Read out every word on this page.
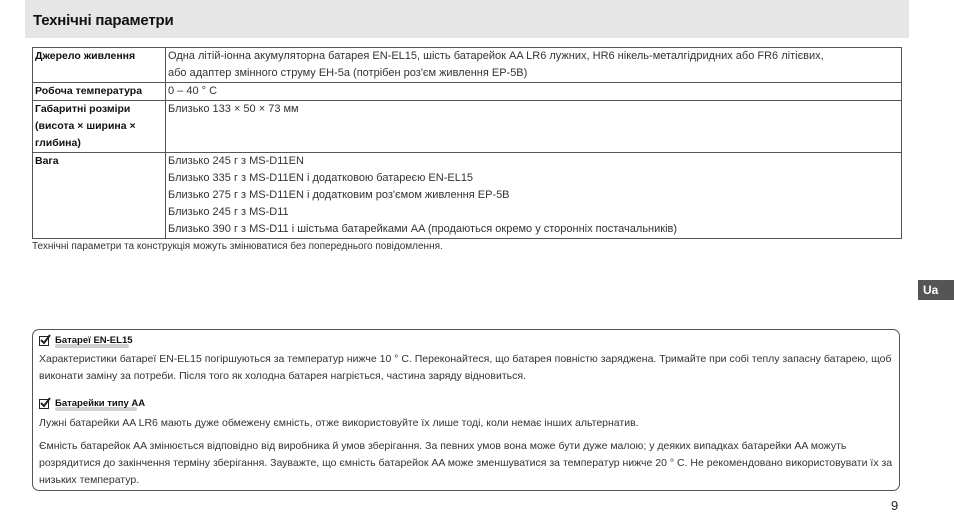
Технічні параметри
Джерело живлення	Одна літій-іонна акумуляторна батарея EN-EL15, шість батарейок AA LR6 лужних, HR6 нікель-металгідридних або FR6 літієвих,
або адаптер змінного струму EH-5a (потрібен роз'єм живлення EP-5B)

Робоча температура	0 – 40 ° C

Габаритні розміри
(висота × ширина ×
глибина)	Близько 133 × 50 × 73 мм

Вага	Близько 245 г з MS-D11EN
Близько 335 г з MS-D11EN і додатковою батареєю EN-EL15
Близько 275 г з MS-D11EN і додатковим роз'ємом живлення EP-5B
Близько 245 г з MS-D11
Близько 390 г з MS-D11 і шістьма батарейками AA (продаються окремо у сторонніх постачальників)
Технічні параметри та конструкція можуть змінюватися без попереднього повідомлення.
Ua
Батареї EN-EL15
Характеристики батареї EN-EL15 погіршуються за температур нижче 10 ° C. Переконайтеся, що батарея повністю заряджена. Тримайте при собі теплу запасну батарею, щоб виконати заміну за потреби. Після того як холодна батарея нагріється, частина заряду відновиться.
Батарейки типу AA
Лужні батарейки AA LR6 мають дуже обмежену ємність, отже використовуйте їх лише тоді, коли немає інших альтернатив.
Ємність батарейок AA змінюється відповідно від виробника й умов зберігання. За певних умов вона може бути дуже малою; у деяких випадках батарейки AA можуть розрядитися до закінчення терміну зберігання. Зауважте, що ємність батарейок AA може зменшуватися за температур нижче 20 ° C. Не рекомендовано використовувати їх за низьких температур.
9
